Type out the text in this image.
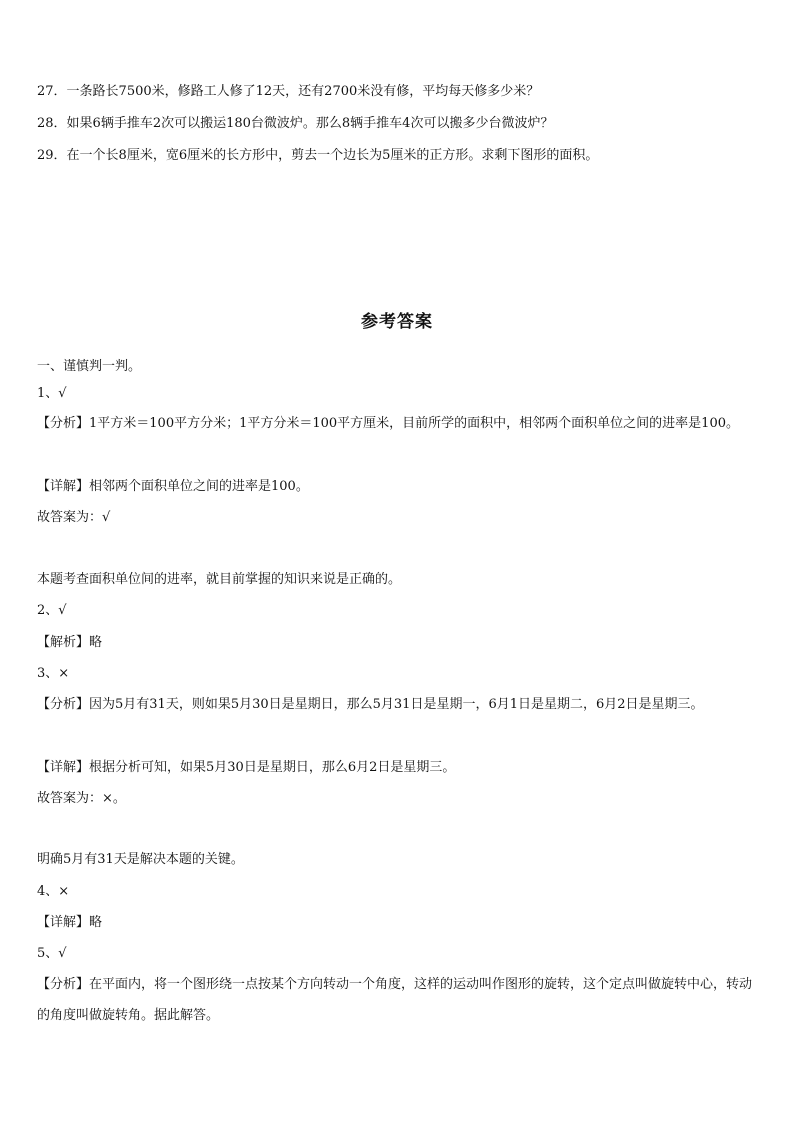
27．一条路长7500米，修路工人修了12天，还有2700米没有修，平均每天修多少米？
28．如果6辆手推车2次可以搬运180台微波炉。那么8辆手推车4次可以搬多少台微波炉？
29．在一个长8厘米，宽6厘米的长方形中，剪去一个边长为5厘米的正方形。求剩下图形的面积。
参考答案
一、谨慎判一判。
1、√
【分析】1平方米＝100平方分米；1平方分米＝100平方厘米，目前所学的面积中，相邻两个面积单位之间的进率是100。
【详解】相邻两个面积单位之间的进率是100。
故答案为：√
本题考查面积单位间的进率，就目前掌握的知识来说是正确的。
2、√
【解析】略
3、×
【分析】因为5月有31天，则如果5月30日是星期日，那么5月31日是星期一，6月1日是星期二，6月2日是星期三。
【详解】根据分析可知，如果5月30日是星期日，那么6月2日是星期三。
故答案为：×。
明确5月有31天是解决本题的关键。
4、×
【详解】略
5、√
【分析】在平面内，将一个图形绕一点按某个方向转动一个角度，这样的运动叫作图形的旋转，这个定点叫做旋转中心，转动的角度叫做旋转角。据此解答。
